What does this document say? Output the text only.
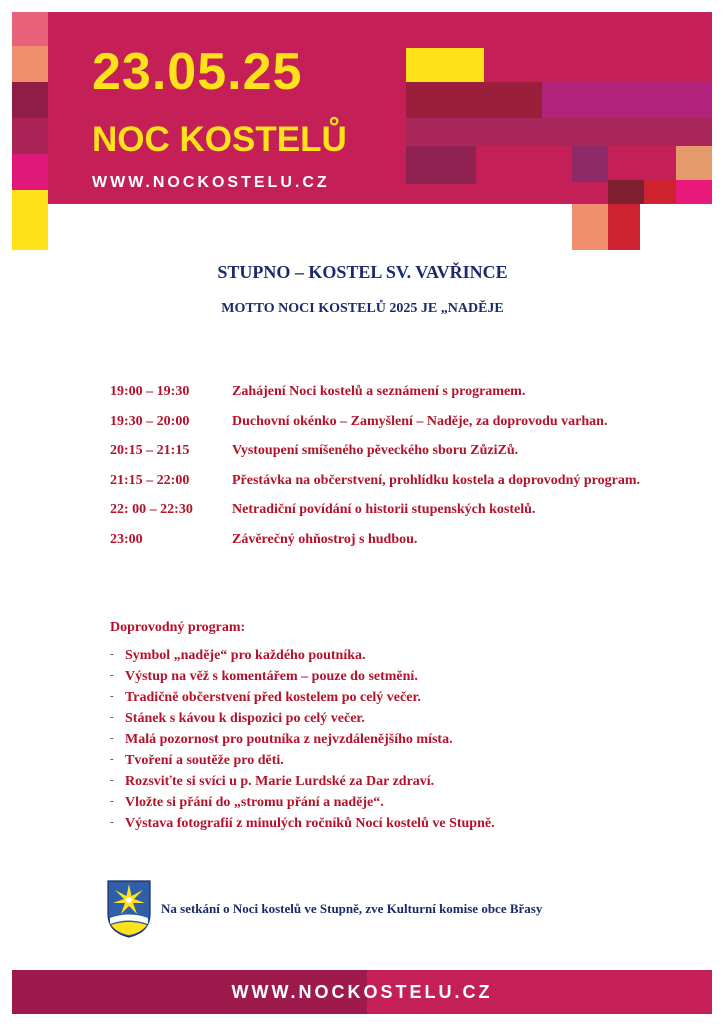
23.05.25
NOC KOSTELŮ
WWW.NOCKOSTELU.CZ
STUPNO – KOSTEL SV. VAVŘINCE
MOTTO NOCI KOSTELŮ 2025 JE „NADĚJE
19:00 – 19:30	Zahájení Noci kostelů a seznámení s programem.
19:30 – 20:00	Duchovní okénko – Zamyšlení – Naděje, za doprovodu varhan.
20:15 – 21:15	Vystoupení smíšeného pěveckého sboru ZůziZů.
21:15 – 22:00	Přestávka na občerstvení, prohlídku kostela a doprovodný program.
22: 00 – 22:30	Netradiční povídání o historii stupenských kostelů.
23:00	Závěrečný ohňostroj s hudbou.
Doprovodný program:
- Symbol „naděje“ pro každého poutníka.
- Výstup na věž s komentářem – pouze do setmění.
- Tradičně občerstvení před kostelem po celý večer.
- Stánek s kávou k dispozici po celý večer.
- Malá pozornost pro poutníka z nejvzdálenějšího místa.
- Tvoření a soutěže pro děti.
- Rozsviťte si svíci u p. Marie Lurdské za Dar zdraví.
- Vložte si přání do „stromu přání a naděje“.
- Výstava fotografií z minulých ročníků Nocí kostelů ve Stupně.
Na setkání o Noci kostelů ve Stupně, zve Kulturní komise obce Břasy
WWW.NOCKOSTELU.CZ
